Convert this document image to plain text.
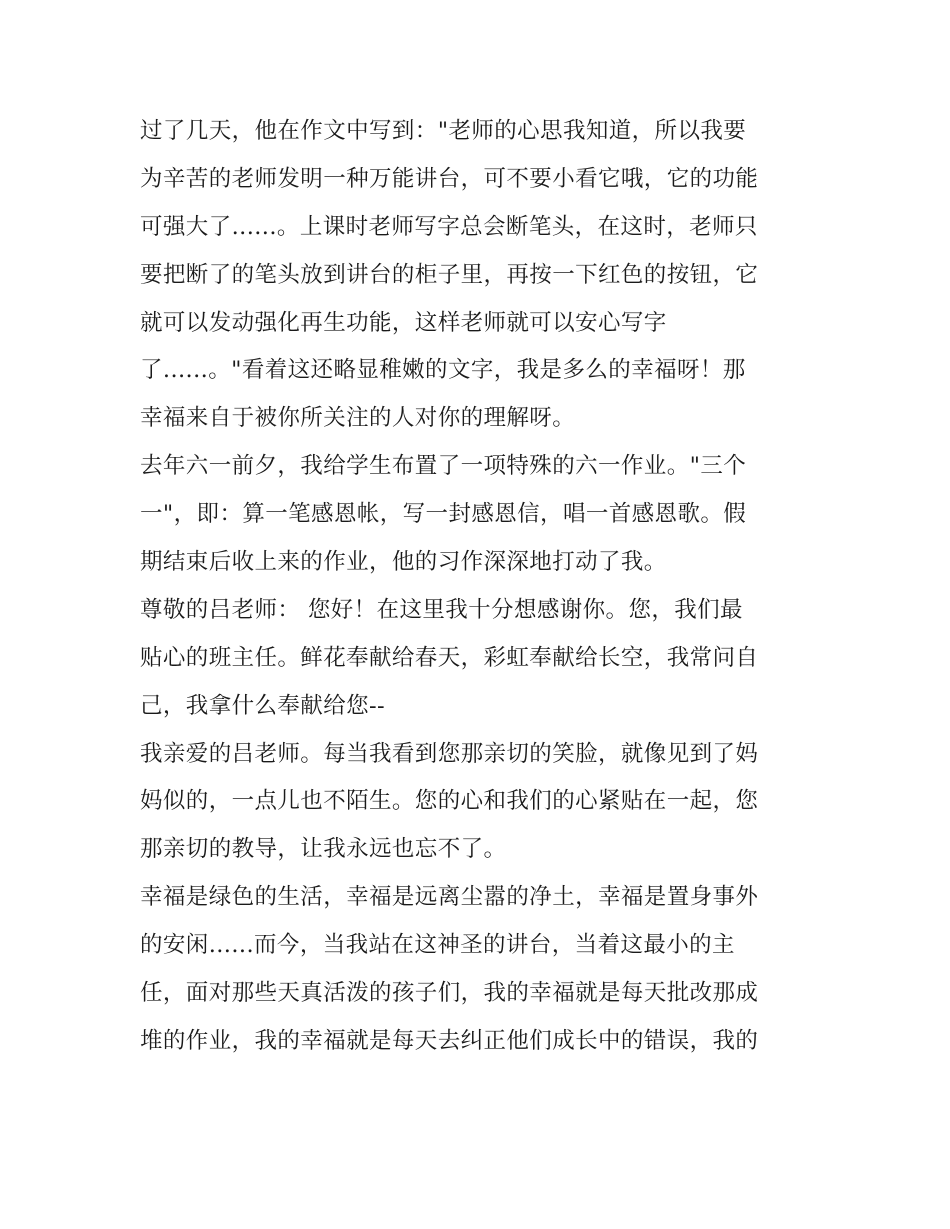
过了几天，他在作文中写到："老师的心思我知道，所以我要
为辛苦的老师发明一种万能讲台，可不要小看它哦，它的功能
可强大了......。上课时老师写字总会断笔头，在这时，老师只
要把断了的笔头放到讲台的柜子里，再按一下红色的按钮，它
就可以发动强化再生功能，这样老师就可以安心写字
了......。"看着这还略显稚嫩的文字，我是多么的幸福呀！那
幸福来自于被你所关注的人对你的理解呀。
去年六一前夕，我给学生布置了一项特殊的六一作业。"三个
一"，即：算一笔感恩帐，写一封感恩信，唱一首感恩歌。假
期结束后收上来的作业，他的习作深深地打动了我。
尊敬的吕老师： 您好！在这里我十分想感谢你。您，我们最
贴心的班主任。鲜花奉献给春天，彩虹奉献给长空，我常问自
己，我拿什么奉献给您--
我亲爱的吕老师。每当我看到您那亲切的笑脸，就像见到了妈
妈似的，一点儿也不陌生。您的心和我们的心紧贴在一起，您
那亲切的教导，让我永远也忘不了。
幸福是绿色的生活，幸福是远离尘嚣的净土，幸福是置身事外
的安闲......而今，当我站在这神圣的讲台，当着这最小的主
任，面对那些天真活泼的孩子们，我的幸福就是每天批改那成
堆的作业，我的幸福就是每天去纠正他们成长中的错误，我的
